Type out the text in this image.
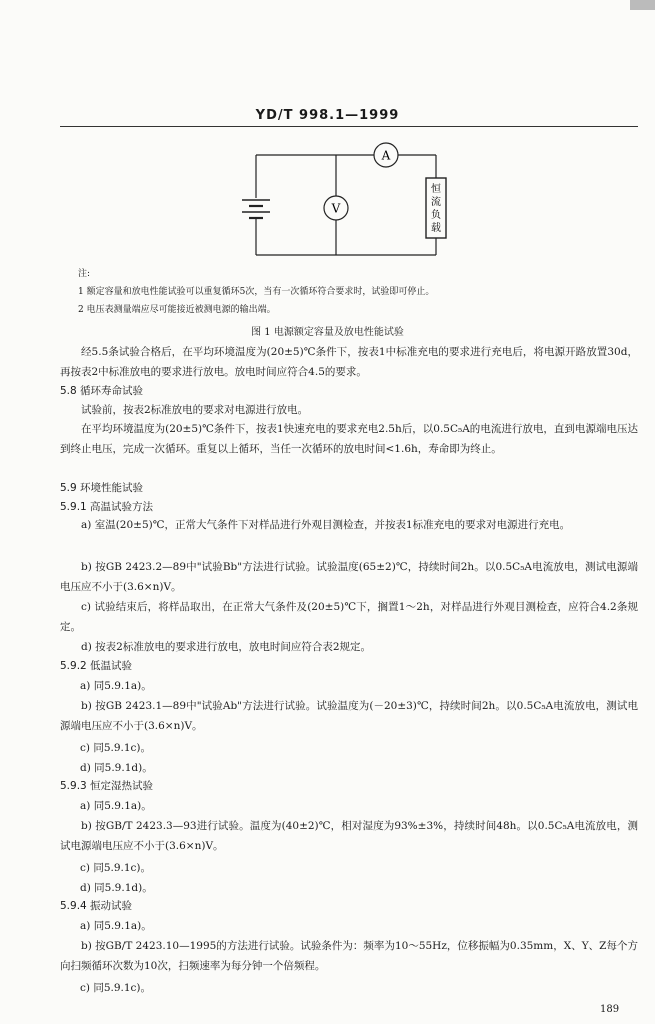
YD/T 998.1—1999
A
V
恒
流
负
载
注:
1 额定容量和放电性能试验可以重复循环5次，当有一次循环符合要求时，试验即可停止。
2 电压表测量端应尽可能接近被测电源的输出端。
图 1 电源额定容量及放电性能试验
经5.5条试验合格后，在平均环境温度为(20±5)℃条件下，按表1中标准充电的要求进行充电后，将电源开路放置30d，再按表2中标准放电的要求进行放电。放电时间应符合4.5的要求。
5.8 循环寿命试验
试验前，按表2标准放电的要求对电源进行放电。
在平均环境温度为(20±5)℃条件下，按表1快速充电的要求充电2.5h后，以0.5C₅A的电流进行放电，直到电源端电压达到终止电压，完成一次循环。重复以上循环，当任一次循环的放电时间<1.6h，寿命即为终止。
5.9 环境性能试验
5.9.1 高温试验方法
a) 室温(20±5)℃，正常大气条件下对样品进行外观目测检查，并按表1标准充电的要求对电源进行充电。
b) 按GB 2423.2—89中"试验Bb"方法进行试验。试验温度(65±2)℃，持续时间2h。以0.5C₅A电流放电，测试电源端电压应不小于(3.6×n)V。
c) 试验结束后，将样品取出，在正常大气条件及(20±5)℃下，搁置1～2h，对样品进行外观目测检查，应符合4.2条规定。
d) 按表2标准放电的要求进行放电，放电时间应符合表2规定。
5.9.2 低温试验
a) 同5.9.1a)。
b) 按GB 2423.1—89中"试验Ab"方法进行试验。试验温度为(－20±3)℃，持续时间2h。以0.5C₅A电流放电，测试电源端电压应不小于(3.6×n)V。
c) 同5.9.1c)。
d) 同5.9.1d)。
5.9.3 恒定湿热试验
a) 同5.9.1a)。
b) 按GB/T 2423.3—93进行试验。温度为(40±2)℃，相对湿度为93%±3%，持续时间48h。以0.5C₅A电流放电，测试电源端电压应不小于(3.6×n)V。
c) 同5.9.1c)。
d) 同5.9.1d)。
5.9.4 振动试验
a) 同5.9.1a)。
b) 按GB/T 2423.10—1995的方法进行试验。试验条件为：频率为10～55Hz，位移振幅为0.35mm，X、Y、Z每个方向扫频循环次数为10次，扫频速率为每分钟一个倍频程。
c) 同5.9.1c)。
189
